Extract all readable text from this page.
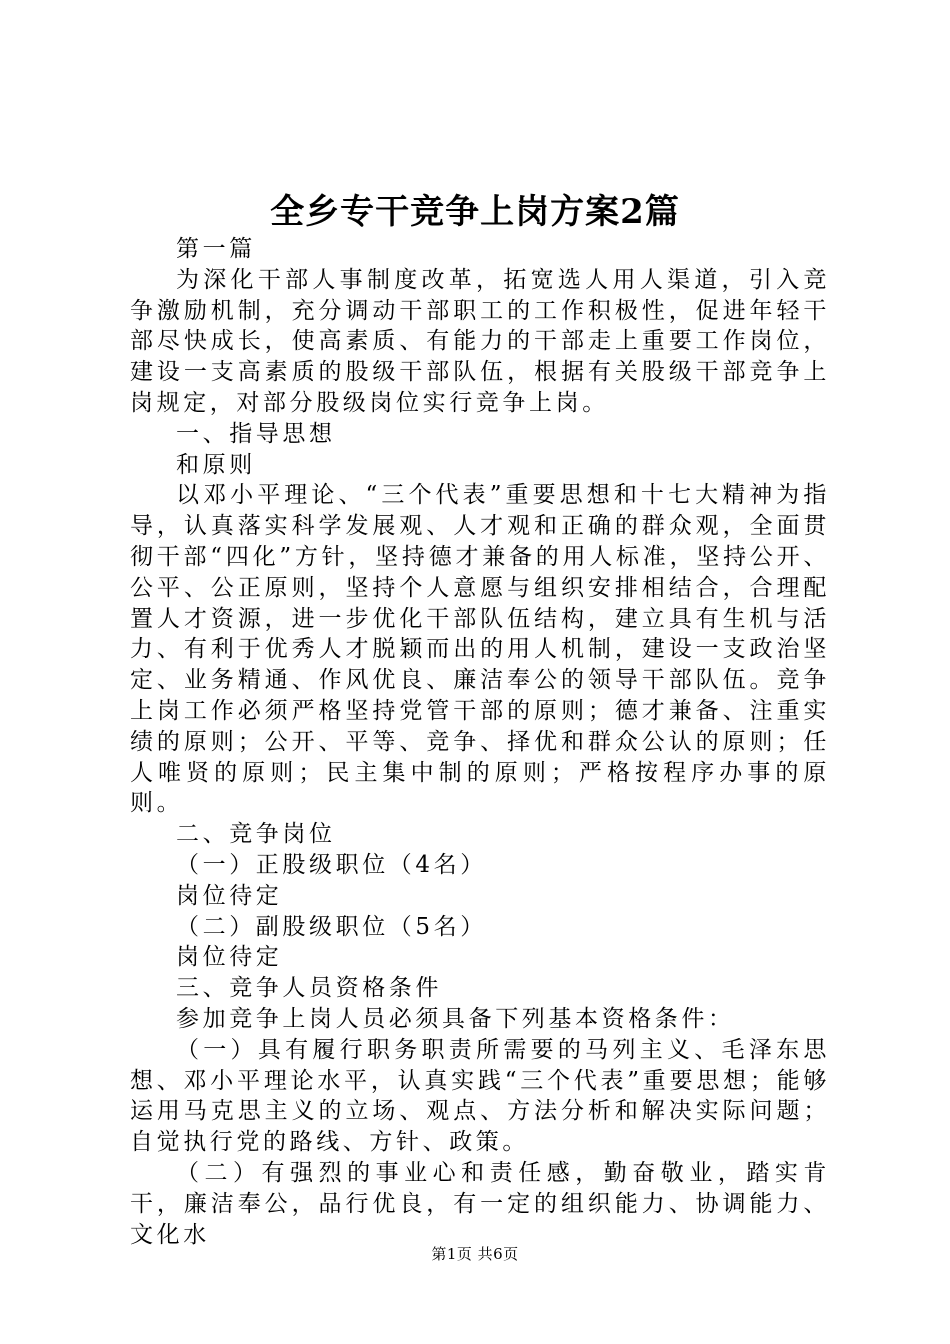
全乡专干竞争上岗方案2篇

第一篇

为深化干部人事制度改革，拓宽选人用人渠道，引入竞争激励机制，充分调动干部职工的工作积极性，促进年轻干部尽快成长，使高素质、有能力的干部走上重要工作岗位，建设一支高素质的股级干部队伍，根据有关股级干部竞争上岗规定，对部分股级岗位实行竞争上岗。

一、指导思想

和原则

以邓小平理论、“三个代表”重要思想和十七大精神为指导，认真落实科学发展观、人才观和正确的群众观，全面贯彻干部“四化”方针，坚持德才兼备的用人标准，坚持公开、公平、公正原则，坚持个人意愿与组织安排相结合，合理配置人才资源，进一步优化干部队伍结构，建立具有生机与活力、有利于优秀人才脱颖而出的用人机制，建设一支政治坚定、业务精通、作风优良、廉洁奉公的领导干部队伍。竞争上岗工作必须严格坚持党管干部的原则；德才兼备、注重实绩的原则；公开、平等、竞争、择优和群众公认的原则；任人唯贤的原则；民主集中制的原则；严格按程序办事的原则。

二、竞争岗位

（一）正股级职位（4名）

岗位待定

（二）副股级职位（5名）

岗位待定

三、竞争人员资格条件

参加竞争上岗人员必须具备下列基本资格条件：

（一）具有履行职务职责所需要的马列主义、毛泽东思想、邓小平理论水平，认真实践“三个代表”重要思想；能够运用马克思主义的立场、观点、方法分析和解决实际问题；自觉执行党的路线、方针、政策。

（二）有强烈的事业心和责任感，勤奋敬业，踏实肯干，廉洁奉公，品行优良，有一定的组织能力、协调能力、文化水

第1页 共6页
